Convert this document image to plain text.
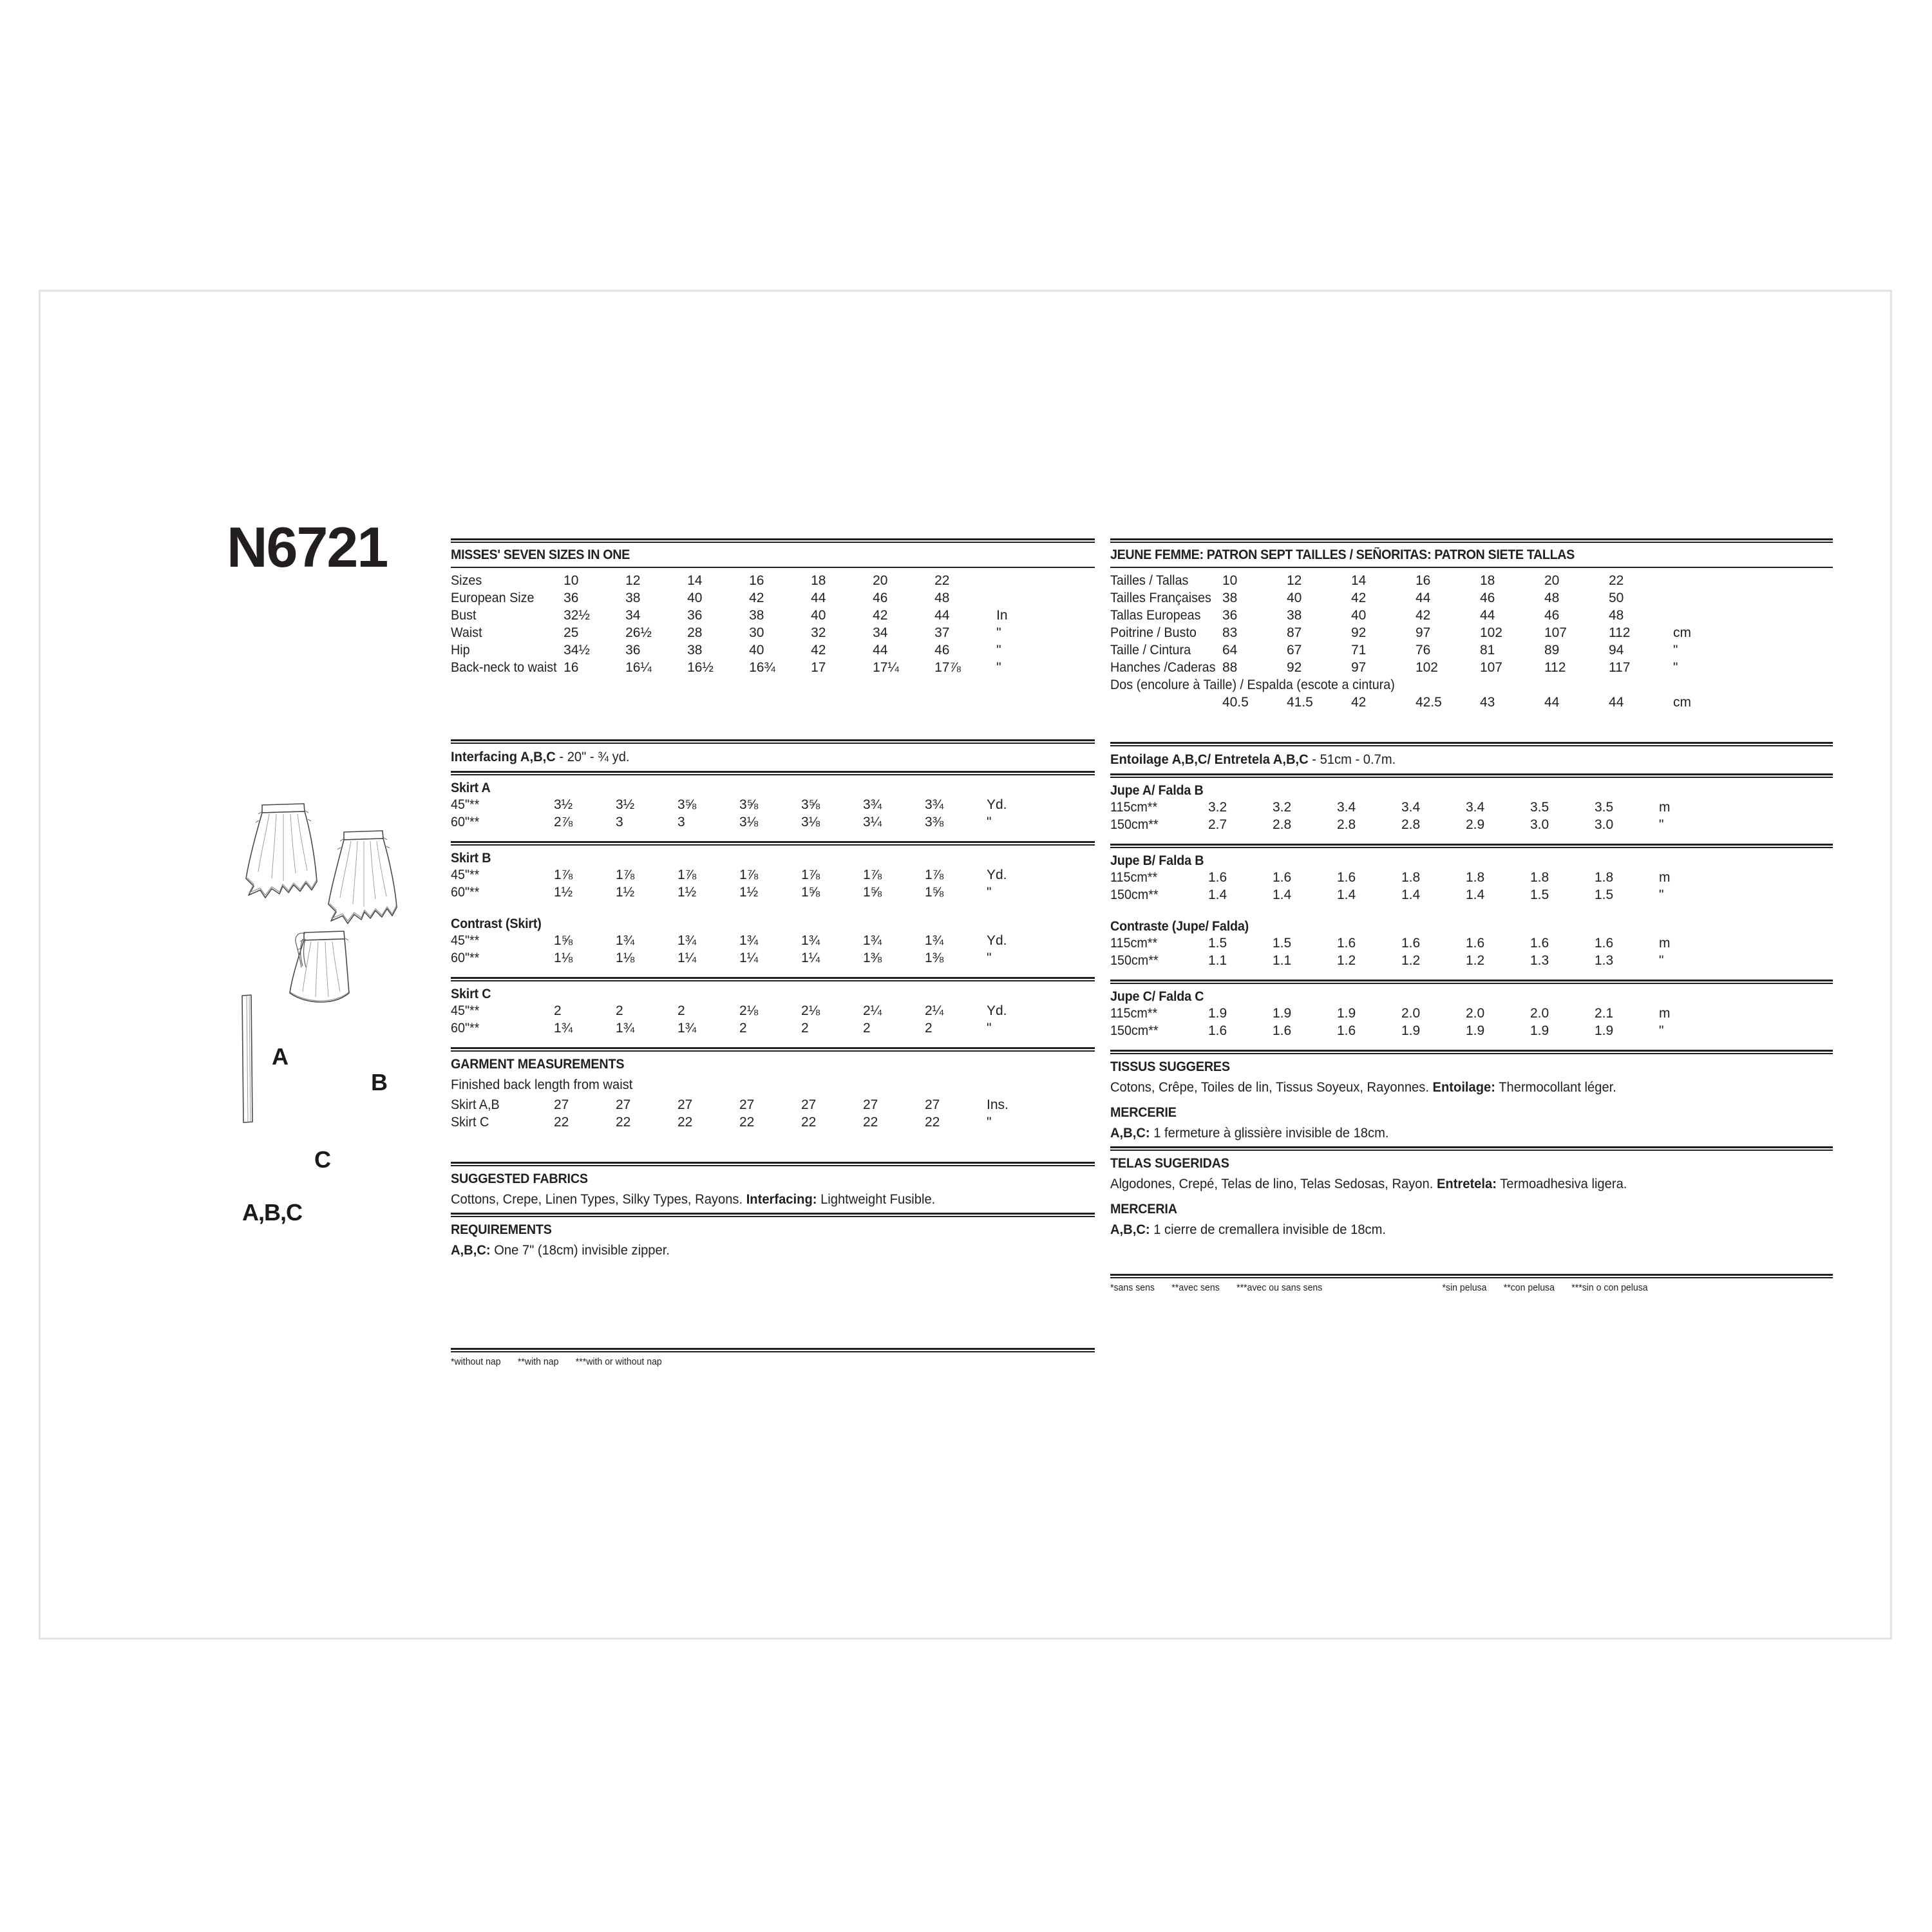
N6721
A
B
C
A,B,C
MISSES' SEVEN SIZES IN ONE
Sizes	10	12	14	16	18	20	22	
European Size	36	38	40	42	44	46	48	
Bust	32½	34	36	38	40	42	44	In
Waist	25	26½	28	30	32	34	37	"
Hip	34½	36	38	40	42	44	46	"
Back-neck to waist	16	16¼	16½	16¾	17	17¼	17⅞	"
Interfacing A,B,C - 20" - ¾ yd.
Skirt A
45"**	3½	3½	3⅝	3⅝	3⅝	3¾	3¾	Yd.
60"**	2⅞	3	3	3⅛	3⅛	3¼	3⅜	"
Skirt B
45"**	1⅞	1⅞	1⅞	1⅞	1⅞	1⅞	1⅞	Yd.
60"**	1½	1½	1½	1½	1⅝	1⅝	1⅝	"
Contrast (Skirt)
45"**	1⅝	1¾	1¾	1¾	1¾	1¾	1¾	Yd.
60"**	1⅛	1⅛	1¼	1¼	1¼	1⅜	1⅜	"
Skirt C
45"**	2	2	2	2⅛	2⅛	2¼	2¼	Yd.
60"**	1¾	1¾	1¾	2	2	2	2	"
GARMENT MEASUREMENTS
Finished back length from waist
Skirt A,B	27	27	27	27	27	27	27	Ins.
Skirt C	22	22	22	22	22	22	22	"
SUGGESTED FABRICS
Cottons, Crepe, Linen Types, Silky Types, Rayons. Interfacing: Lightweight Fusible.
REQUIREMENTS
A,B,C: One 7" (18cm) invisible zipper.
*without nap **with nap ***with or without nap
JEUNE FEMME: PATRON SEPT TAILLES / SEÑORITAS: PATRON SIETE TALLAS
Tailles / Tallas	10	12	14	16	18	20	22	
Tailles Françaises	38	40	42	44	46	48	50	
Tallas Europeas	36	38	40	42	44	46	48	
Poitrine / Busto	83	87	92	97	102	107	112	cm
Taille / Cintura	64	67	71	76	81	89	94	"
Hanches /Caderas	88	92	97	102	107	112	117	"
Dos (encolure à Taille) / Espalda (escote a cintura)								
	40.5	41.5	42	42.5	43	44	44	cm
Entoilage A,B,C/ Entretela A,B,C - 51cm - 0.7m.
Jupe A/ Falda B
115cm**	3.2	3.2	3.4	3.4	3.4	3.5	3.5	m
150cm**	2.7	2.8	2.8	2.8	2.9	3.0	3.0	"
Jupe B/ Falda B
115cm**	1.6	1.6	1.6	1.8	1.8	1.8	1.8	m
150cm**	1.4	1.4	1.4	1.4	1.4	1.5	1.5	"
Contraste (Jupe/ Falda)
115cm**	1.5	1.5	1.6	1.6	1.6	1.6	1.6	m
150cm**	1.1	1.1	1.2	1.2	1.2	1.3	1.3	"
Jupe C/ Falda C
115cm**	1.9	1.9	1.9	2.0	2.0	2.0	2.1	m
150cm**	1.6	1.6	1.6	1.9	1.9	1.9	1.9	"
TISSUS SUGGERES
Cotons, Crêpe, Toiles de lin, Tissus Soyeux, Rayonnes. Entoilage: Thermocollant léger.
MERCERIE
A,B,C: 1 fermeture à glissière invisible de 18cm.
TELAS SUGERIDAS
Algodones, Crepé, Telas de lino, Telas Sedosas, Rayon. Entretela: Termoadhesiva ligera.
MERCERIA
A,B,C: 1 cierre de cremallera invisible de 18cm.
*sans sens **avec sens ***avec ou sans sens	*sin pelusa **con pelusa ***sin o con pelusa
